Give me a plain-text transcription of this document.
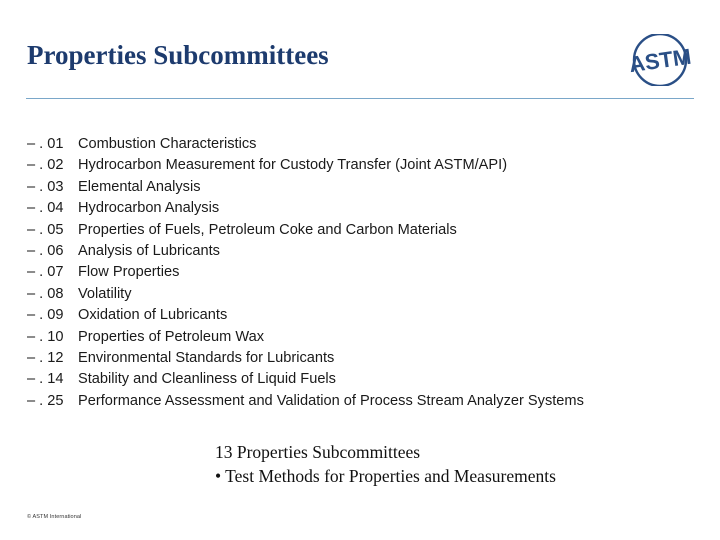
Properties Subcommittees	ASTM
– . 01 Combustion Characteristics
– . 02 Hydrocarbon Measurement for Custody Transfer (Joint ASTM/API)
– . 03 Elemental Analysis
– . 04 Hydrocarbon Analysis
– . 05 Properties of Fuels, Petroleum Coke and Carbon Materials
– . 06 Analysis of Lubricants
– . 07 Flow Properties
– . 08 Volatility
– . 09 Oxidation of Lubricants
– . 10 Properties of Petroleum Wax
– . 12 Environmental Standards for Lubricants
– . 14 Stability and Cleanliness of Liquid Fuels
– . 25 Performance Assessment and Validation of Process Stream Analyzer Systems
13 Properties Subcommittees
• Test Methods for Properties and Measurements
© ASTM International
